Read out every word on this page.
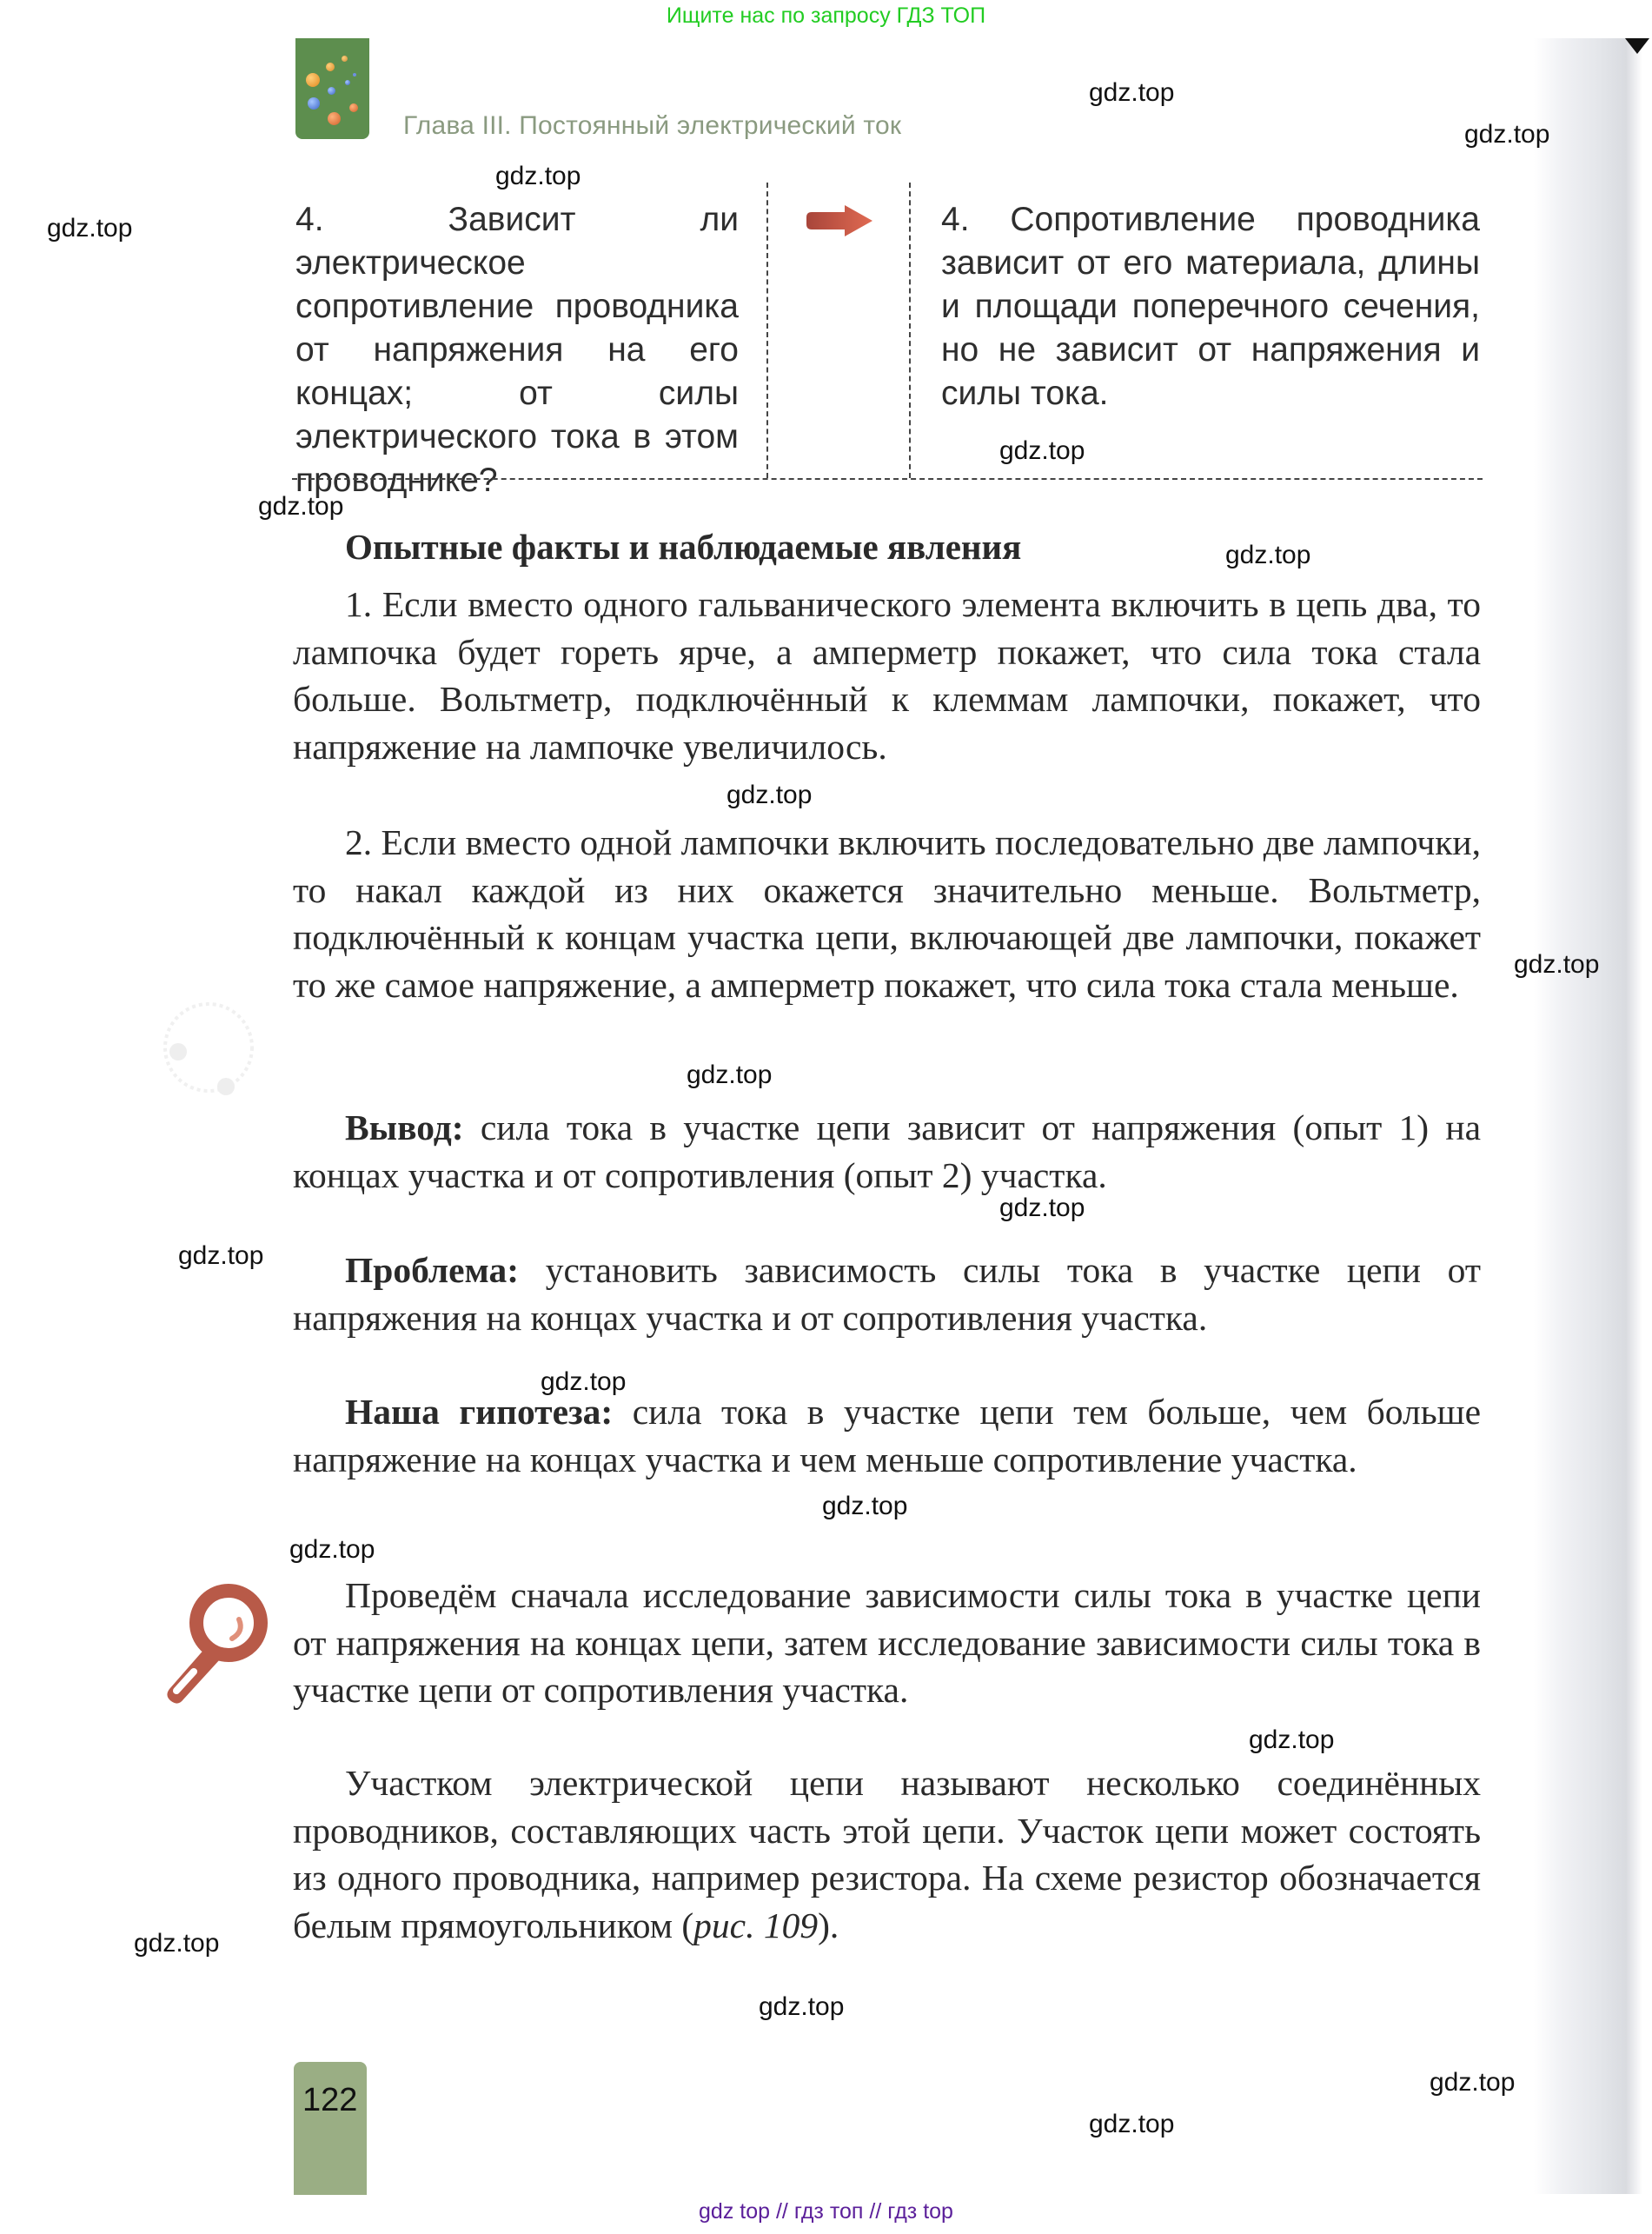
Ищите нас по запросу ГДЗ ТОП
Глава III. Постоянный электрический ток
4. Зависит ли электрическое сопротивление проводника от напряжения на его концах; от силы электрического тока в этом проводнике?
4. Сопротивление проводника зависит от его материала, длины и площади поперечного сечения, но не зависит от напряжения и силы тока.
Опытные факты и наблюдаемые явления

1. Если вместо одного гальванического элемента включить в цепь два, то лампочка будет гореть ярче, а амперметр покажет, что сила тока стала больше. Вольтметр, подключённый к клеммам лампочки, покажет, что напряжение на лампочке увеличилось.

2. Если вместо одной лампочки включить последовательно две лампочки, то накал каждой из них окажется значительно меньше. Вольтметр, подключённый к концам участка цепи, включающей две лампочки, покажет то же самое напряжение, а амперметр покажет, что сила тока стала меньше.

Вывод: сила тока в участке цепи зависит от напряжения (опыт 1) на концах участка и от сопротивления (опыт 2) участка.

Проблема: установить зависимость силы тока в участке цепи от напряжения на концах участка и от сопротивления участка.

Наша гипотеза: сила тока в участке цепи тем больше, чем больше напряжение на концах участка и чем меньше сопротивление участка.

Проведём сначала исследование зависимости силы тока в участке цепи от напряжения на концах цепи, затем исследование зависимости силы тока в участке цепи от сопротивления участка.

Участком электрической цепи называют несколько соединённых проводников, составляющих часть этой цепи. Участок цепи может состоять из одного проводника, например резистора. На схеме резистор обозначается белым прямоугольником (рис. 109).

122
gdz.top
gdz.top
gdz.top
gdz.top
gdz.top
gdz.top
gdz.top
gdz.top
gdz.top
gdz.top
gdz.top
gdz.top
gdz.top
gdz.top
gdz.top
gdz.top
gdz.top
gdz.top
gdz.top
gdz.top
gdz top // гдз топ // гдз top
